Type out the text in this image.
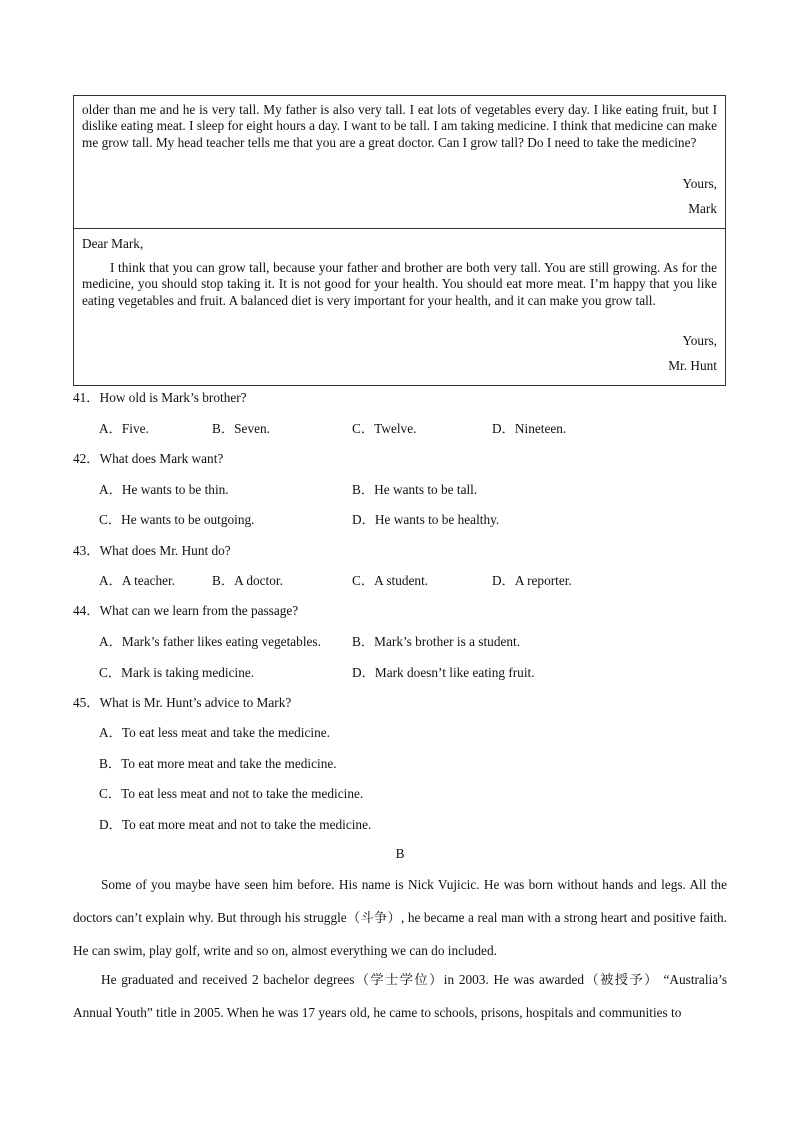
older than me and he is very tall. My father is also very tall. I eat lots of vegetables every day. I like eating fruit, but I dislike eating meat. I sleep for eight hours a day. I want to be tall. I am taking medicine. I think that medicine can make me grow tall. My head teacher tells me that you are a great doctor. Can I grow tall? Do I need to take the medicine?

Yours,
Mark
Dear Mark,

I think that you can grow tall, because your father and brother are both very tall. You are still growing. As for the medicine, you should stop taking it. It is not good for your health. You should eat more meat. I’m happy that you like eating vegetables and fruit. A balanced diet is very important for your health, and it can make you grow tall.

Yours,
Mr. Hunt
41．How old is Mark’s brother?
A．Five.	B．Seven.	C．Twelve.	D．Nineteen.
42．What does Mark want?
A．He wants to be thin.	B．He wants to be tall.
C．He wants to be outgoing.	D．He wants to be healthy.
43．What does Mr. Hunt do?
A．A teacher.	B．A doctor.	C．A student.	D．A reporter.
44．What can we learn from the passage?
A．Mark’s father likes eating vegetables. B．Mark’s brother is a student.
C．Mark is taking medicine.	D．Mark doesn’t like eating fruit.
45．What is Mr. Hunt’s advice to Mark?
A．To eat less meat and take the medicine.
B．To eat more meat and take the medicine.
C．To eat less meat and not to take the medicine.
D．To eat more meat and not to take the medicine.
B

Some of you maybe have seen him before. His name is Nick Vujicic. He was born without hands and legs. All the doctors can’t explain why. But through his struggle（斗争）, he became a real man with a strong heart and positive faith. He can swim, play golf, write and so on, almost everything we can do included.

He graduated and received 2 bachelor degrees（学士学位）in 2003. He was awarded（被授予） “Australia’s Annual Youth” title in 2005. When he was 17 years old, he came to schools, prisons, hospitals and communities to
